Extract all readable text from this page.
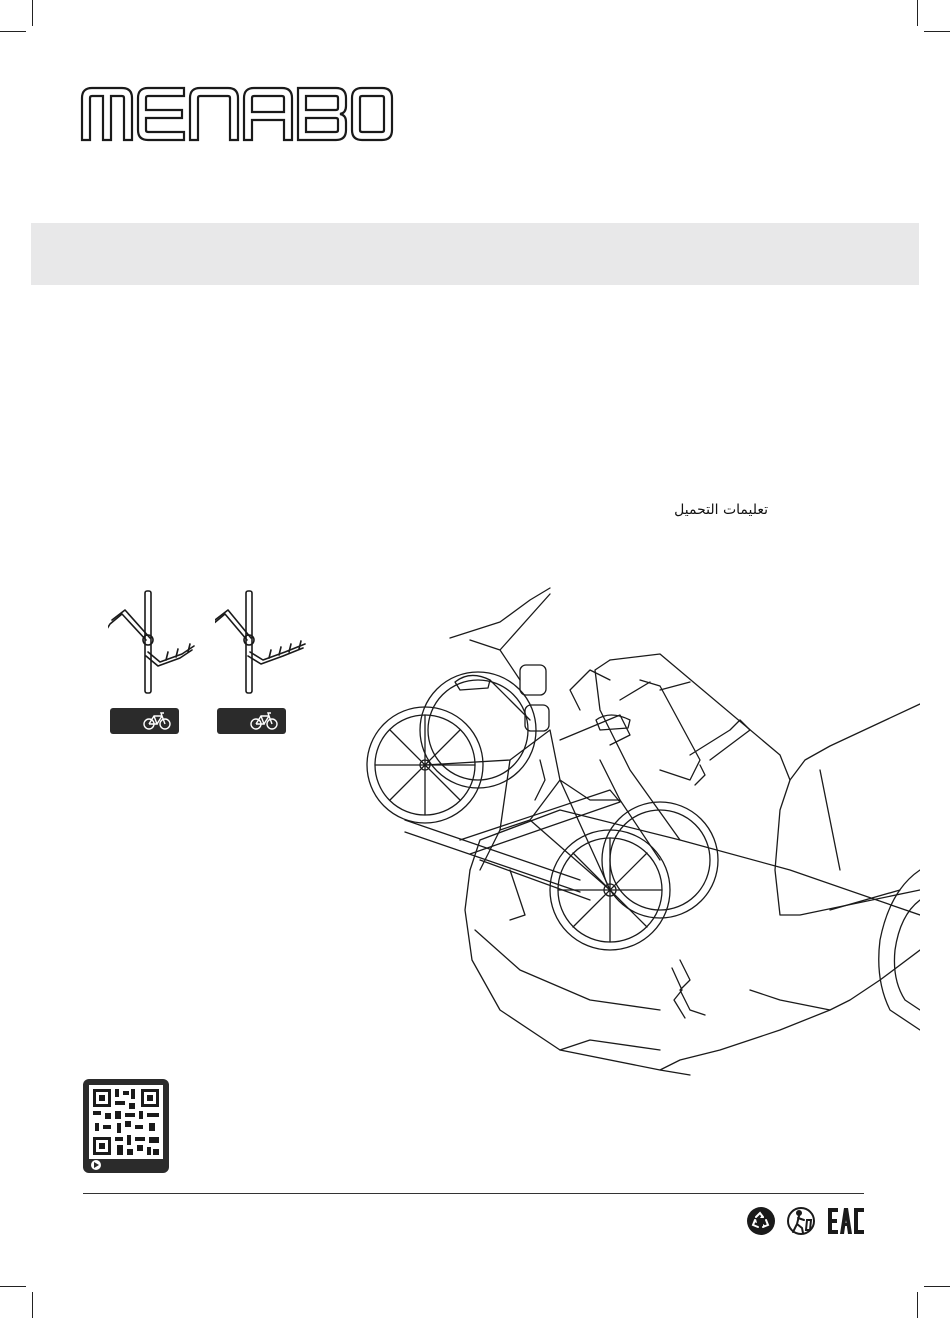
تعليمات التحميل
